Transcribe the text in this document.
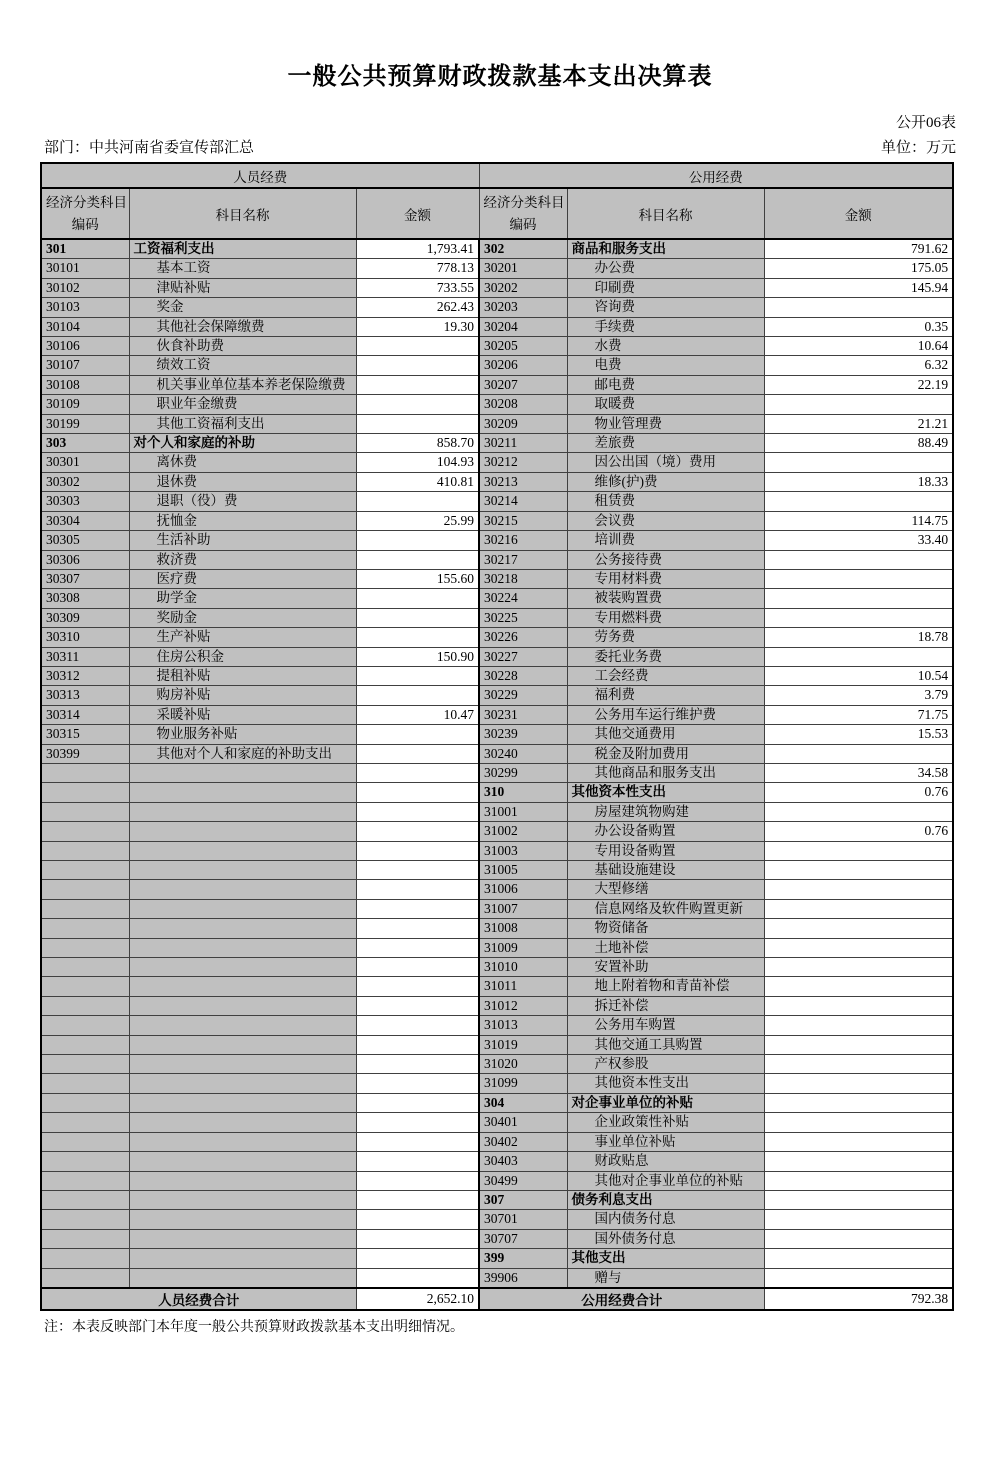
一般公共预算财政拨款基本支出决算表
公开06表
部门：中共河南省委宣传部汇总	单位：万元
人员经费			公用经费		

经济分类科目
编码	科目名称	金额	经济分类科目
编码	科目名称	金额
301	工资福利支出	1,793.41	302	商品和服务支出	791.62
30101	基本工资	778.13	30201	办公费	175.05
30102	津贴补贴	733.55	30202	印刷费	145.94
30103	奖金	262.43	30203	咨询费	
30104	其他社会保障缴费	19.30	30204	手续费	0.35
30106	伙食补助费		30205	水费	10.64
30107	绩效工资		30206	电费	6.32
30108	机关事业单位基本养老保险缴费		30207	邮电费	22.19
30109	职业年金缴费		30208	取暖费	
30199	其他工资福利支出		30209	物业管理费	21.21
303	对个人和家庭的补助	858.70	30211	差旅费	88.49
30301	离休费	104.93	30212	因公出国（境）费用	
30302	退休费	410.81	30213	维修(护)费	18.33
30303	退职（役）费		30214	租赁费	
30304	抚恤金	25.99	30215	会议费	114.75
30305	生活补助		30216	培训费	33.40
30306	救济费		30217	公务接待费	
30307	医疗费	155.60	30218	专用材料费	
30308	助学金		30224	被装购置费	
30309	奖励金		30225	专用燃料费	
30310	生产补贴		30226	劳务费	18.78
30311	住房公积金	150.90	30227	委托业务费	
30312	提租补贴		30228	工会经费	10.54
30313	购房补贴		30229	福利费	3.79
30314	采暖补贴	10.47	30231	公务用车运行维护费	71.75
30315	物业服务补贴		30239	其他交通费用	15.53
30399	其他对个人和家庭的补助支出		30240	税金及附加费用	
			30299	其他商品和服务支出	34.58
			310	其他资本性支出	0.76
			31001	房屋建筑物购建	
			31002	办公设备购置	0.76
			31003	专用设备购置	
			31005	基础设施建设	
			31006	大型修缮	
			31007	信息网络及软件购置更新	
			31008	物资储备	
			31009	土地补偿	
			31010	安置补助	
			31011	地上附着物和青苗补偿	
			31012	拆迁补偿	
			31013	公务用车购置	
			31019	其他交通工具购置	
			31020	产权参股	
			31099	其他资本性支出	
			304	对企事业单位的补贴	
			30401	企业政策性补贴	
			30402	事业单位补贴	
			30403	财政贴息	
			30499	其他对企事业单位的补贴	
			307	债务利息支出	
			30701	国内债务付息	
			30707	国外债务付息	
			399	其他支出	
			39906	赠与	
人员经费合计		2,652.10	公用经费合计		792.38
注：本表反映部门本年度一般公共预算财政拨款基本支出明细情况。
